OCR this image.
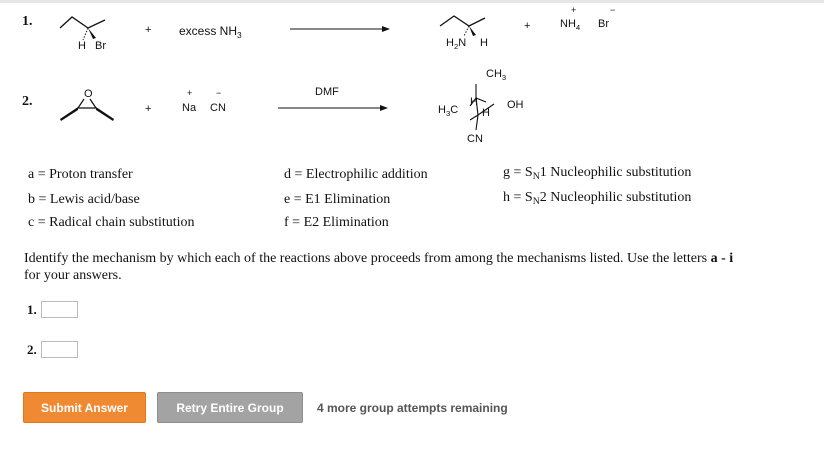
1.
H Br
+ excess $NH_3$
$H_2N$ H
+
+
$NH_4$
−
Br
2.	O
+
+
Na
−
CN
DMF
$CH_3$
H	OH
$H_3C$ H
CN
a = Proton transfer
b = Lewis acid/base
c = Radical chain substitution
d = Electrophilic addition
e = E1 Elimination
f = E2 Elimination
$g = S_N1$ Nucleophilic substitution
$h = S_N2$ Nucleophilic substitution
Identify the mechanism by which each of the reactions above proceeds from among the mechanisms listed. Use the letters a - i
for your answers.
1.
2.
Submit Answer	Retry Entire Group	4 more group attempts remaining
